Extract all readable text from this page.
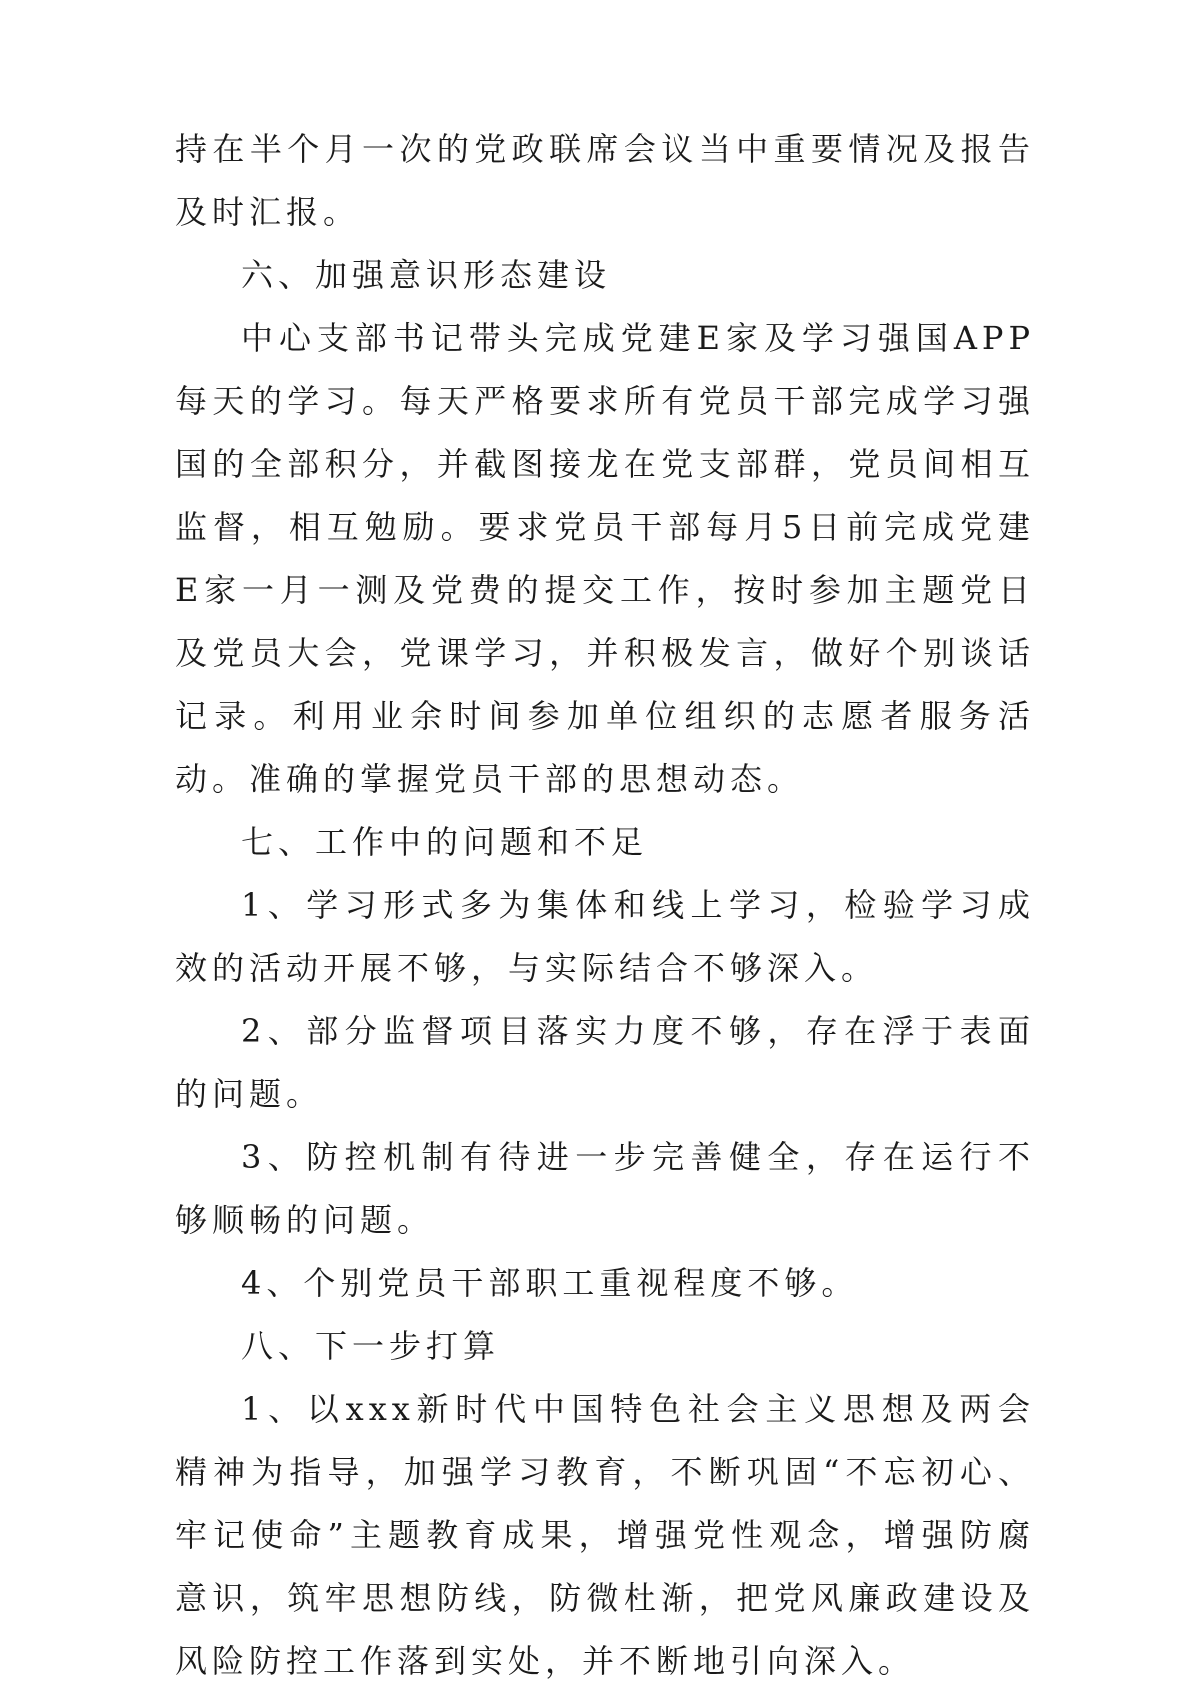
持在半个月一次的党政联席会议当中重要情况及报告及时汇报。

六、加强意识形态建设

中心支部书记带头完成党建E家及学习强国APP每天的学习。每天严格要求所有党员干部完成学习强国的全部积分，并截图接龙在党支部群，党员间相互监督，相互勉励。要求党员干部每月5日前完成党建E家一月一测及党费的提交工作，按时参加主题党日及党员大会，党课学习，并积极发言，做好个别谈话记录。利用业余时间参加单位组织的志愿者服务活动。准确的掌握党员干部的思想动态。

七、工作中的问题和不足

1、学习形式多为集体和线上学习，检验学习成效的活动开展不够，与实际结合不够深入。

2、部分监督项目落实力度不够，存在浮于表面的问题。

3、防控机制有待进一步完善健全，存在运行不够顺畅的问题。

4、个别党员干部职工重视程度不够。

八、下一步打算

1、以xxx新时代中国特色社会主义思想及两会精神为指导，加强学习教育，不断巩固“不忘初心、牢记使命”主题教育成果，增强党性观念，增强防腐意识，筑牢思想防线，防微杜渐，把党风廉政建设及风险防控工作落到实处，并不断地引向深入。
